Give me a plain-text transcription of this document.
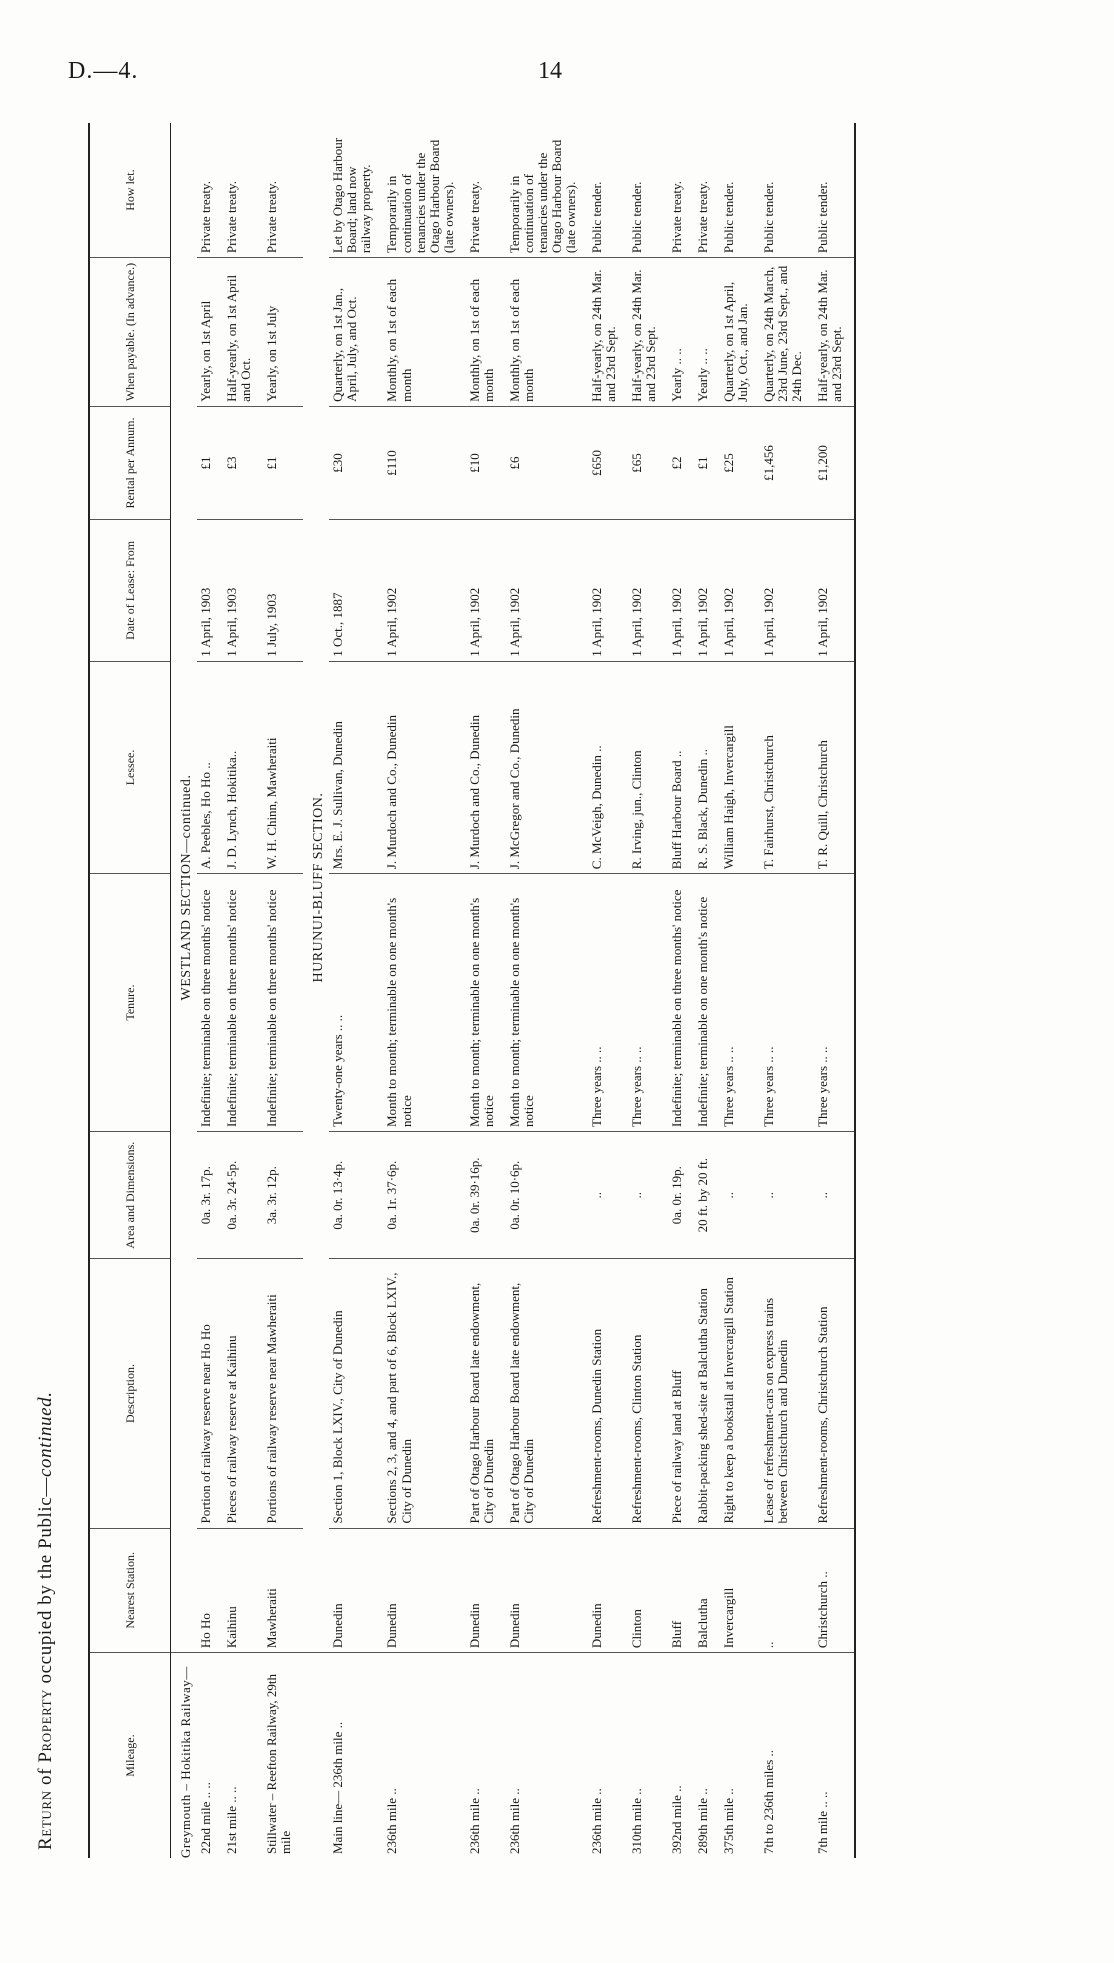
D.—4.	14
Return of Property occupied by the Public—continued.
Mileage.	Nearest Station.	Description.	Area and Dimensions.	Tenure.	Lessee.	Date of Lease: From	Rental per Annum.	When payable. (In advance.)	How let.
Greymouth – Hokitika Railway—	WESTLAND SECTION—continued.								
22nd mile .. ..	Ho Ho	Portion of railway reserve near Ho Ho	0a. 3r. 17p.	Indefinite; terminable on three months' notice	A. Peebles, Ho Ho ..	1 April, 1903	£1	Yearly, on 1st April	Private treaty.
21st mile .. ..	Kaihinu	Pieces of railway reserve at Kaihinu	0a. 3r. 24·5p.	Indefinite; terminable on three months' notice	J. D. Lynch, Hokitika..	1 April, 1903	£3	Half-yearly, on 1st April and Oct.	Private treaty.
Stillwater – Reefton Railway, 29th mile	Mawheraiti	Portions of railway reserve near Mawheraiti	3a. 3r. 12p.	Indefinite; terminable on three months' notice	W. H. Chinn, Mawheraiti	1 July, 1903	£1	Yearly, on 1st July	Private treaty.
	HURUNUI-BLUFF SECTION.								
Main line— 236th mile ..	Dunedin	Section 1, Block LXIV., City of Dunedin	0a. 0r. 13·4p.	Twenty-one years .. ..	Mrs. E. J. Sullivan, Dunedin	1 Oct., 1887	£30	Quarterly, on 1st Jan., April, July, and Oct.	Let by Otago Harbour Board; land now railway property.
236th mile ..	Dunedin	Sections 2, 3, and 4, and part of 6, Block LXIV., City of Dunedin	0a. 1r. 37·6p.	Month to month; terminable on one month's notice	J. Murdoch and Co., Dunedin	1 April, 1902	£110	Monthly, on 1st of each month	Temporarily in continuation of tenancies under the Otago Harbour Board (late owners).
236th mile ..	Dunedin	Part of Otago Harbour Board late endowment, City of Dunedin	0a. 0r. 39·16p.	Month to month; terminable on one month's notice	J. Murdoch and Co., Dunedin	1 April, 1902	£10	Monthly, on 1st of each month	Private treaty.
236th mile ..	Dunedin	Part of Otago Harbour Board late endowment, City of Dunedin	0a. 0r. 10·6p.	Month to month; terminable on one month's notice	J. McGregor and Co., Dunedin	1 April, 1902	£6	Monthly, on 1st of each month	Temporarily in continuation of tenancies under the Otago Harbour Board (late owners).
236th mile ..	Dunedin	Refreshment-rooms, Dunedin Station	..	Three years .. ..	C. McVeigh, Dunedin ..	1 April, 1902	£650	Half-yearly, on 24th Mar. and 23rd Sept.	Public tender.
310th mile ..	Clinton	Refreshment-rooms, Clinton Station	..	Three years .. ..	R. Irving, jun., Clinton	1 April, 1902	£65	Half-yearly, on 24th Mar. and 23rd Sept.	Public tender.
392nd mile ..	Bluff	Piece of railway land at Bluff	0a. 0r. 19p.	Indefinite; terminable on three months' notice	Bluff Harbour Board ..	1 April, 1902	£2	Yearly .. ..	Private treaty.
289th mile ..	Balclutha	Rabbit-packing shed-site at Balclutha Station	20 ft. by 20 ft.	Indefinite; terminable on one month's notice	R. S. Black, Dunedin ..	1 April, 1902	£1	Yearly .. ..	Private treaty.
375th mile ..	Invercargill	Right to keep a bookstall at Invercargill Station	..	Three years .. ..	William Haigh, Invercargill	1 April, 1902	£25	Quarterly, on 1st April, July, Oct., and Jan.	Public tender.
7th to 236th miles ..	..	Lease of refreshment-cars on express trains between Christchurch and Dunedin	..	Three years .. ..	T. Fairhurst, Christchurch	1 April, 1902	£1,456	Quarterly, on 24th March, 23rd June, 23rd Sept., and 24th Dec.	Public tender.
7th mile .. ..	Christchurch ..	Refreshment-rooms, Christchurch Station	..	Three years .. ..	T. R. Quill, Christchurch	1 April, 1902	£1,200	Half-yearly, on 24th Mar. and 23rd Sept.	Public tender.
